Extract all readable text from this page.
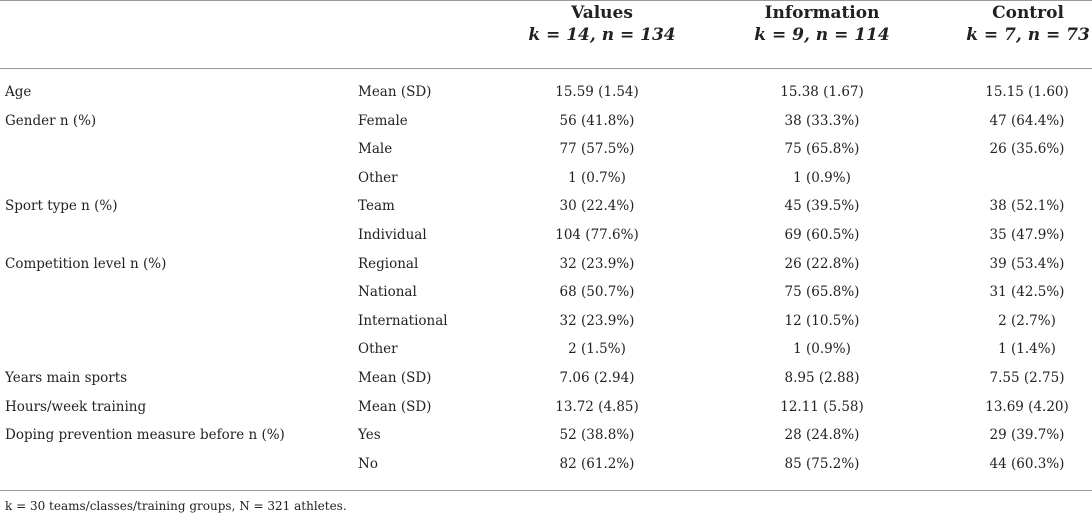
Values
k = 14, n = 134
Information
k = 9, n = 114
Control
k = 7, n = 73
Age	Mean (SD)	15.59 (1.54)	15.38 (1.67)	15.15 (1.60)
Gender n (%)	Female	56 (41.8%)	38 (33.3%)	47 (64.4%)
Male	77 (57.5%)	75 (65.8%)	26 (35.6%)
Other	1 (0.7%)	1 (0.9%)
Sport type n (%)	Team	30 (22.4%)	45 (39.5%)	38 (52.1%)
Individual	104 (77.6%)	69 (60.5%)	35 (47.9%)
Competition level n (%)	Regional	32 (23.9%)	26 (22.8%)	39 (53.4%)
National	68 (50.7%)	75 (65.8%)	31 (42.5%)
International	32 (23.9%)	12 (10.5%)	2 (2.7%)
Other	2 (1.5%)	1 (0.9%)	1 (1.4%)
Years main sports	Mean (SD)	7.06 (2.94)	8.95 (2.88)	7.55 (2.75)
Hours/week training	Mean (SD)	13.72 (4.85)	12.11 (5.58)	13.69 (4.20)
Doping prevention measure before n (%)	Yes	52 (38.8%)	28 (24.8%)	29 (39.7%)
No	82 (61.2%)	85 (75.2%)	44 (60.3%)
k = 30 teams/classes/training groups, N = 321 athletes.
